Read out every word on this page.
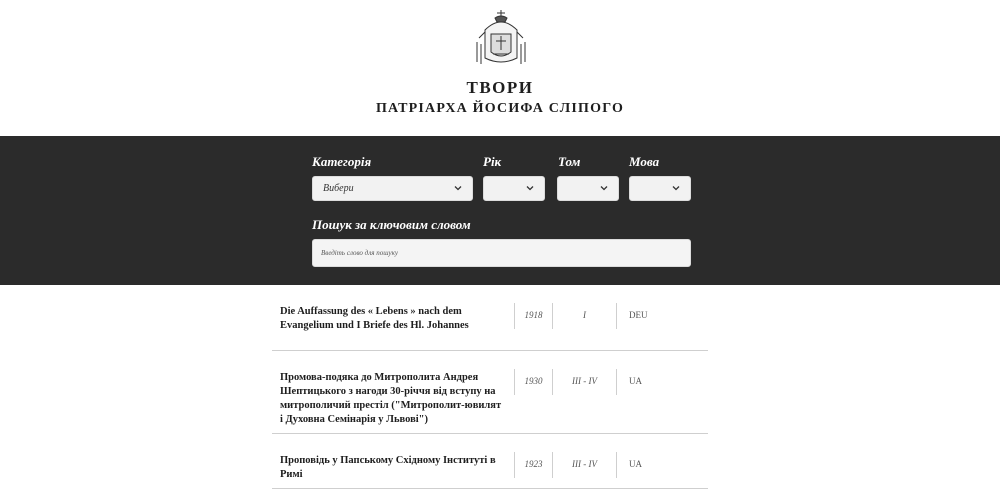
ТВОРИ
ПАТРІАРХА ЙОСИФА СЛІПОГО
Категорія	Рік	Том	Мова
Вибери
Пошук за ключовим словом
Введіть слово для пошуку
Die Auffassung des « Lebens » nach dem Evangelium und I Briefe des Hl. Johannes
1918	I	DEU
Промова-подяка до Митрополита Андрея Шептицького з нагоди 30-річчя від вступу на митрополичий престіл ("Митрополит-ювилят і Духовна Семінарія у Львові")
1930	III - IV	UA
Проповідь у Папському Східному Інституті в Римі
1923	III - IV	UA
